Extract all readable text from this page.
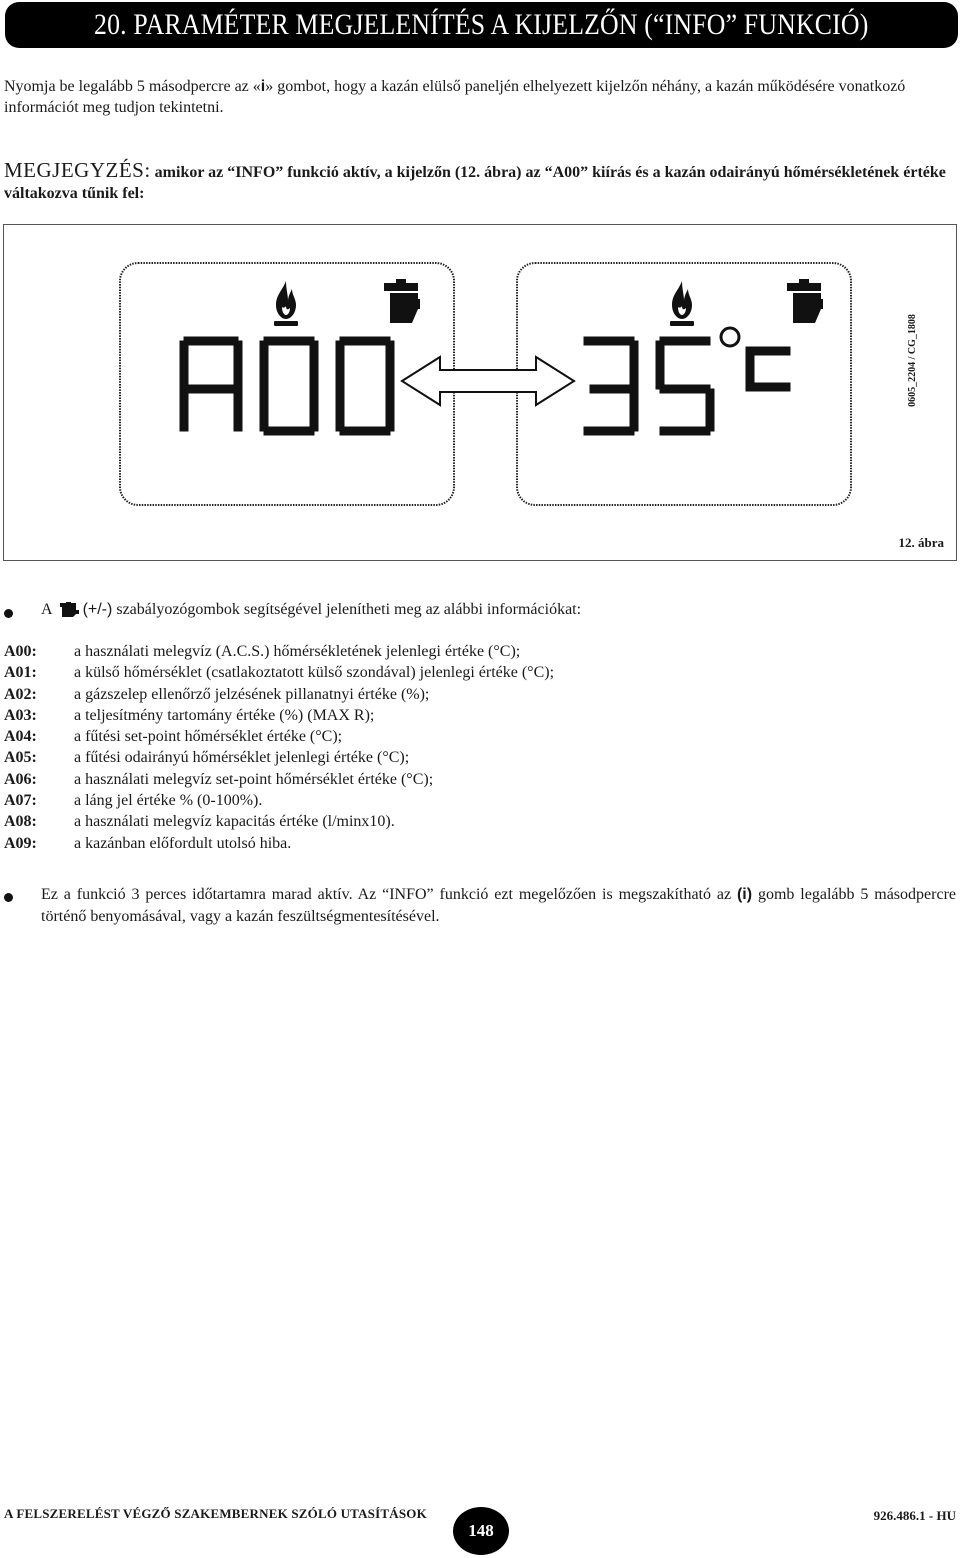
20. PARAMÉTER MEGJELENÍTÉS A KIJELZŐN (“INFO” FUNKCIÓ)

Nyomja be legalább 5 másodpercre az «i» gombot, hogy a kazán elülső paneljén elhelyezett kijelzőn néhány, a kazán működésére vonatkozó információt meg tudjon tekintetni.

MEGJEGYZÉS: amikor az “INFO” funkció aktív, a kijelzőn (12. ábra) az “A00” kiírás és a kazán odairányú hőmérsékletének értéke váltakozva tűnik fel:

0605_2204 / CG_1808
12. ábra
A (+/-)
szabályozógombok segítségével jelenítheti meg az alábbi információkat:
A00:	a használati melegvíz (A.C.S.) hőmérsékletének jelenlegi értéke (°C);
A01:	a külső hőmérséklet (csatlakoztatott külső szondával) jelenlegi értéke (°C);
A02:	a gázszelep ellenőrző jelzésének pillanatnyi értéke (%);
A03:	a teljesítmény tartomány értéke (%) (MAX R);
A04:	a fűtési set-point hőmérséklet értéke (°C);
A05:	a fűtési odairányú hőmérséklet jelenlegi értéke (°C);
A06:	a használati melegvíz set-point hőmérséklet értéke (°C);
A07:	a láng jel értéke % (0-100%).
A08:	a használati melegvíz kapacitás értéke (l/minx10).
A09:	a kazánban előfordult utolsó hiba.

Ez a funkció 3 perces időtartamra marad aktív. Az “INFO” funkció ezt megelőzően is megszakítható az (i) gomb legalább 5 másodpercre történő benyomásával, vagy a kazán feszültségmentesítésével.

A FELSZERELÉST VÉGZŐ SZAKEMBERNEK SZÓLÓ UTASÍTÁSOK
148
926.486.1 - HU
